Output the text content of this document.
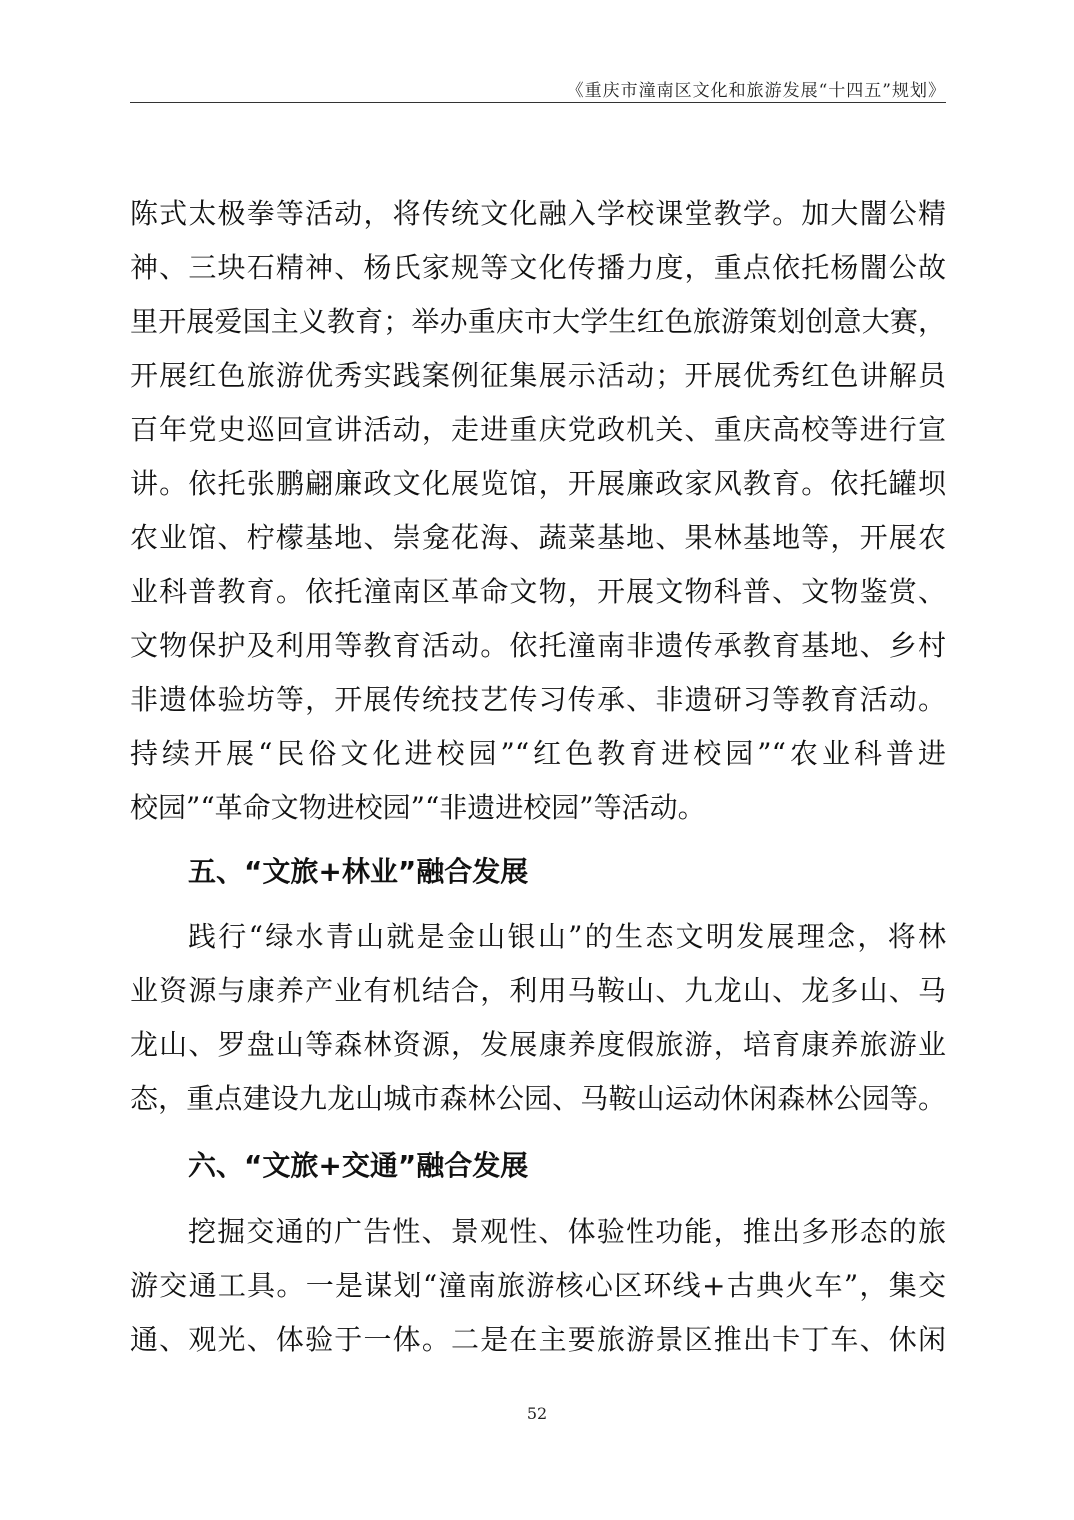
《重庆市潼南区文化和旅游发展“十四五”规划》
陈式太极拳等活动，将传统文化融入学校课堂教学。加大闇公精
神、三块石精神、杨氏家规等文化传播力度，重点依托杨闇公故
里开展爱国主义教育；举办重庆市大学生红色旅游策划创意大赛，
开展红色旅游优秀实践案例征集展示活动；开展优秀红色讲解员
百年党史巡回宣讲活动，走进重庆党政机关、重庆高校等进行宣
讲。依托张鹏翩廉政文化展览馆，开展廉政家风教育。依托罐坝
农业馆、柠檬基地、崇龛花海、蔬菜基地、果林基地等，开展农
业科普教育。依托潼南区革命文物，开展文物科普、文物鉴赏、
文物保护及利用等教育活动。依托潼南非遗传承教育基地、乡村
非遗体验坊等，开展传统技艺传习传承、非遗研习等教育活动。
持续开展“民俗文化进校园”“红色教育进校园”“农业科普进
校园”“革命文物进校园”“非遗进校园”等活动。
五、“文旅+林业”融合发展
践行“绿水青山就是金山银山”的生态文明发展理念，将林
业资源与康养产业有机结合，利用马鞍山、九龙山、龙多山、马
龙山、罗盘山等森林资源，发展康养度假旅游，培育康养旅游业
态，重点建设九龙山城市森林公园、马鞍山运动休闲森林公园等。
六、“文旅+交通”融合发展
挖掘交通的广告性、景观性、体验性功能，推出多形态的旅
游交通工具。一是谋划“潼南旅游核心区环线+古典火车”，集交
通、观光、体验于一体。二是在主要旅游景区推出卡丁车、休闲
52
